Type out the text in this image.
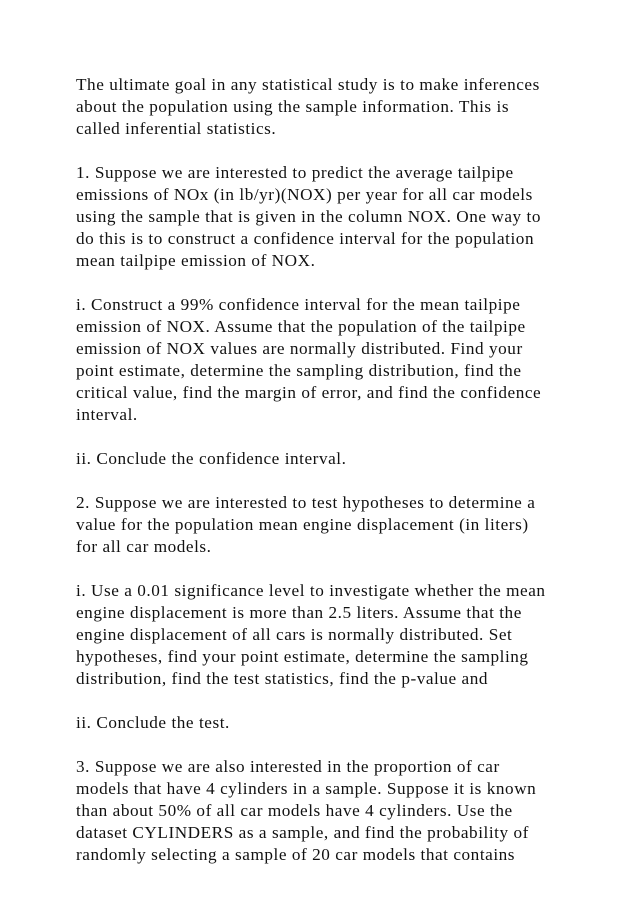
The ultimate goal in any statistical study is to make inferences
about the population using the sample information. This is
called inferential statistics.
1. Suppose we are interested to predict the average tailpipe
emissions of NOx (in lb/yr)(NOX) per year for all car models
using the sample that is given in the column NOX. One way to
do this is to construct a confidence interval for the population
mean tailpipe emission of NOX.
i. Construct a 99% confidence interval for the mean tailpipe
emission of NOX. Assume that the population of the tailpipe
emission of NOX values are normally distributed. Find your
point estimate, determine the sampling distribution, find the
critical value, find the margin of error, and find the confidence
interval.
ii. Conclude the confidence interval.
2. Suppose we are interested to test hypotheses to determine a
value for the population mean engine displacement (in liters)
for all car models.
i. Use a 0.01 significance level to investigate whether the mean
engine displacement is more than 2.5 liters. Assume that the
engine displacement of all cars is normally distributed. Set
hypotheses, find your point estimate, determine the sampling
distribution, find the test statistics, find the p-value and
ii. Conclude the test.
3. Suppose we are also interested in the proportion of car
models that have 4 cylinders in a sample. Suppose it is known
than about 50% of all car models have 4 cylinders. Use the
dataset CYLINDERS as a sample, and find the probability of
randomly selecting a sample of 20 car models that contains
